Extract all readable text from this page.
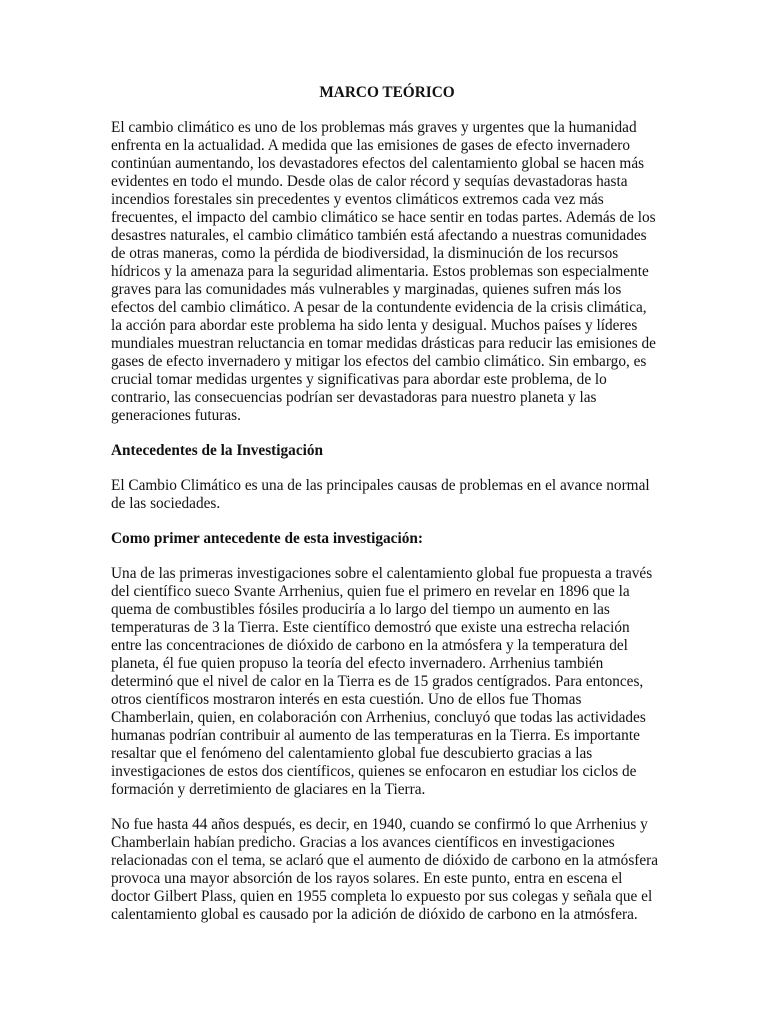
MARCO TEÓRICO

El cambio climático es uno de los problemas más graves y urgentes que la humanidad enfrenta en la actualidad. A medida que las emisiones de gases de efecto invernadero continúan aumentando, los devastadores efectos del calentamiento global se hacen más evidentes en todo el mundo. Desde olas de calor récord y sequías devastadoras hasta incendios forestales sin precedentes y eventos climáticos extremos cada vez más frecuentes, el impacto del cambio climático se hace sentir en todas partes. Además de los desastres naturales, el cambio climático también está afectando a nuestras comunidades de otras maneras, como la pérdida de biodiversidad, la disminución de los recursos hídricos y la amenaza para la seguridad alimentaria. Estos problemas son especialmente graves para las comunidades más vulnerables y marginadas, quienes sufren más los efectos del cambio climático. A pesar de la contundente evidencia de la crisis climática, la acción para abordar este problema ha sido lenta y desigual. Muchos países y líderes mundiales muestran reluctancia en tomar medidas drásticas para reducir las emisiones de gases de efecto invernadero y mitigar los efectos del cambio climático. Sin embargo, es crucial tomar medidas urgentes y significativas para abordar este problema, de lo contrario, las consecuencias podrían ser devastadoras para nuestro planeta y las generaciones futuras.

Antecedentes de la Investigación

El Cambio Climático es una de las principales causas de problemas en el avance normal de las sociedades.

Como primer antecedente de esta investigación:

Una de las primeras investigaciones sobre el calentamiento global fue propuesta a través del científico sueco Svante Arrhenius, quien fue el primero en revelar en 1896 que la quema de combustibles fósiles produciría a lo largo del tiempo un aumento en las temperaturas de 3 la Tierra. Este científico demostró que existe una estrecha relación entre las concentraciones de dióxido de carbono en la atmósfera y la temperatura del planeta, él fue quien propuso la teoría del efecto invernadero. Arrhenius también determinó que el nivel de calor en la Tierra es de 15 grados centígrados. Para entonces, otros científicos mostraron interés en esta cuestión. Uno de ellos fue Thomas Chamberlain, quien, en colaboración con Arrhenius, concluyó que todas las actividades humanas podrían contribuir al aumento de las temperaturas en la Tierra. Es importante resaltar que el fenómeno del calentamiento global fue descubierto gracias a las investigaciones de estos dos científicos, quienes se enfocaron en estudiar los ciclos de formación y derretimiento de glaciares en la Tierra.

No fue hasta 44 años después, es decir, en 1940, cuando se confirmó lo que Arrhenius y Chamberlain habían predicho. Gracias a los avances científicos en investigaciones relacionadas con el tema, se aclaró que el aumento de dióxido de carbono en la atmósfera provoca una mayor absorción de los rayos solares. En este punto, entra en escena el doctor Gilbert Plass, quien en 1955 completa lo expuesto por sus colegas y señala que el calentamiento global es causado por la adición de dióxido de carbono en la atmósfera.
